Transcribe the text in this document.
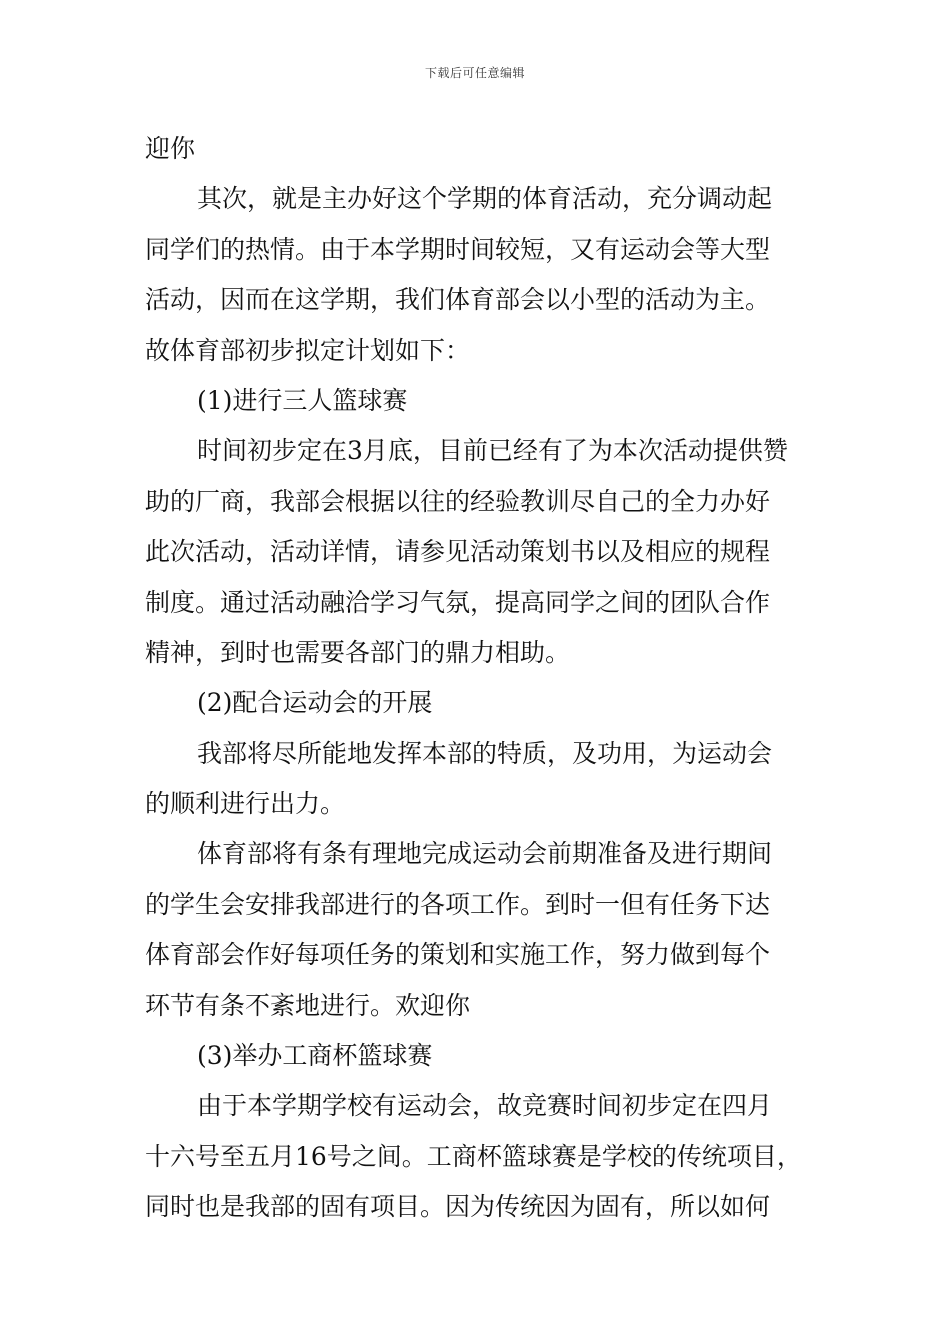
下载后可任意编辑
迎你
其次，就是主办好这个学期的体育活动，充分调动起
同学们的热情。由于本学期时间较短，又有运动会等大型
活动，因而在这学期，我们体育部会以小型的活动为主。
故体育部初步拟定计划如下：
(1)进行三人篮球赛
时间初步定在3月底，目前已经有了为本次活动提供赞
助的厂商，我部会根据以往的经验教训尽自己的全力办好
此次活动，活动详情，请参见活动策划书以及相应的规程
制度。通过活动融洽学习气氛，提高同学之间的团队合作
精神，到时也需要各部门的鼎力相助。
(2)配合运动会的开展
我部将尽所能地发挥本部的特质，及功用，为运动会
的顺利进行出力。
体育部将有条有理地完成运动会前期准备及进行期间
的学生会安排我部进行的各项工作。到时一但有任务下达
体育部会作好每项任务的策划和实施工作，努力做到每个
环节有条不紊地进行。欢迎你
(3)举办工商杯篮球赛
由于本学期学校有运动会，故竞赛时间初步定在四月
十六号至五月16号之间。工商杯篮球赛是学校的传统项目，
同时也是我部的固有项目。因为传统因为固有，所以如何
